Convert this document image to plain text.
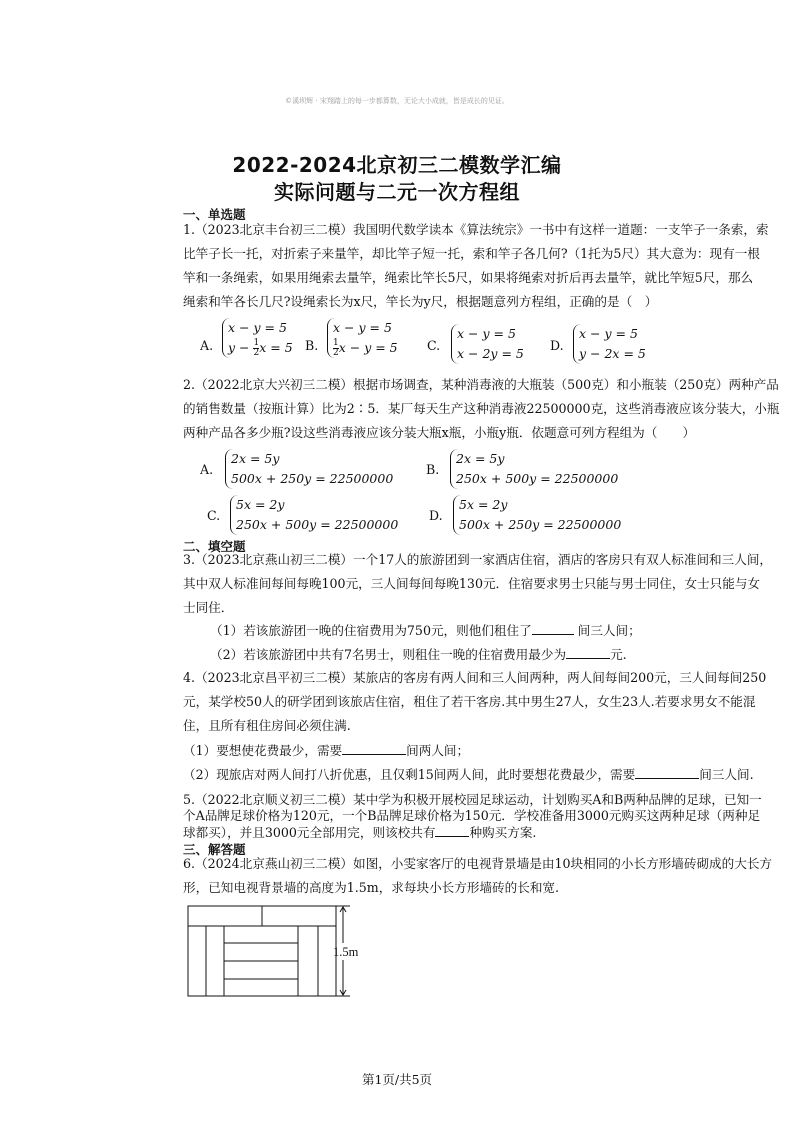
©溪坝辉 · 宋翔踏上的每一步都算数，无论大小成就，皆是成长的见证。
2022-2024北京初三二模数学汇编
实际问题与二元一次方程组
一、单选题
1.（2023北京丰台初三二模）我国明代数学读本《算法统宗》一书中有这样一道题：一支竿子一条索，索
比竿子长一托，对折索子来量竿，却比竿子短一托，索和竿子各几何?（1托为5尺）其大意为：现有一根
竿和一条绳索，如果用绳索去量竿，绳索比竿长5尺，如果将绳索对折后再去量竿，就比竿短5尺，那么
绳索和竿各长几尺?设绳索长为x尺，竿长为y尺，根据题意列方程组，正确的是（　）
A.
x − y = 5
$y - \frac{1}{2}$ x = 5 B.
x − y = 5
$\frac{1}{2}$ x − y = 5 C.
x − y = 5
x − 2y = 5
D.
x − y = 5
y − 2x = 5
2.（2022北京大兴初三二模）根据市场调查，某种消毒液的大瓶装（500克）和小瓶装（250克）两种产品
的销售数量（按瓶计算）比为2∶5．某厂每天生产这种消毒液22500000克，这些消毒液应该分装大，小瓶
两种产品各多少瓶?设这些消毒液应该分装大瓶x瓶，小瓶y瓶．依题意可列方程组为（　　）
A.
2x = 5y
500x + 250y = 22500000
B.
2x = 5y
250x + 500y = 22500000
C.
5x = 2y
250x + 500y = 22500000
D.
5x = 2y
500x + 250y = 22500000
二、填空题
3.（2023北京燕山初三二模）一个17人的旅游团到一家酒店住宿，酒店的客房只有双人标准间和三人间，
其中双人标准间每间每晚100元，三人间每间每晚130元．住宿要求男士只能与男士同住，女士只能与女
士同住．
（1）若该旅游团一晚的住宿费用为750元，则他们租住了	间三人间；
（2）若该旅游团中共有7名男士，则租住一晚的住宿费用最少为	元.
4.（2023北京昌平初三二模）某旅店的客房有两人间和三人间两种，两人间每间200元，三人间每间250
元，某学校50人的研学团到该旅店住宿，租住了若干客房.其中男生27人，女生23人.若要求男女不能混
住，且所有租住房间必须住满.
（1）要想使花费最少，需要	间两人间；
（2）现旅店对两人间打八折优惠，且仅剩15间两人间，此时要想花费最少，需要	间三人间.
5.（2022北京顺义初三二模）某中学为积极开展校园足球运动，计划购买A和B两种品牌的足球，已知一
个A品牌足球价格为120元，一个B品牌足球价格为150元．学校准备用3000元购买这两种足球（两种足
球都买），并且3000元全部用完，则该校共有	种购买方案.
三、解答题
6.（2024北京燕山初三二模）如图，小雯家客厅的电视背景墙是由10块相同的小长方形墙砖砌成的大长方
形，已知电视背景墙的高度为1.5m，求每块小长方形墙砖的长和宽.
1.5m
第1页/共5页
